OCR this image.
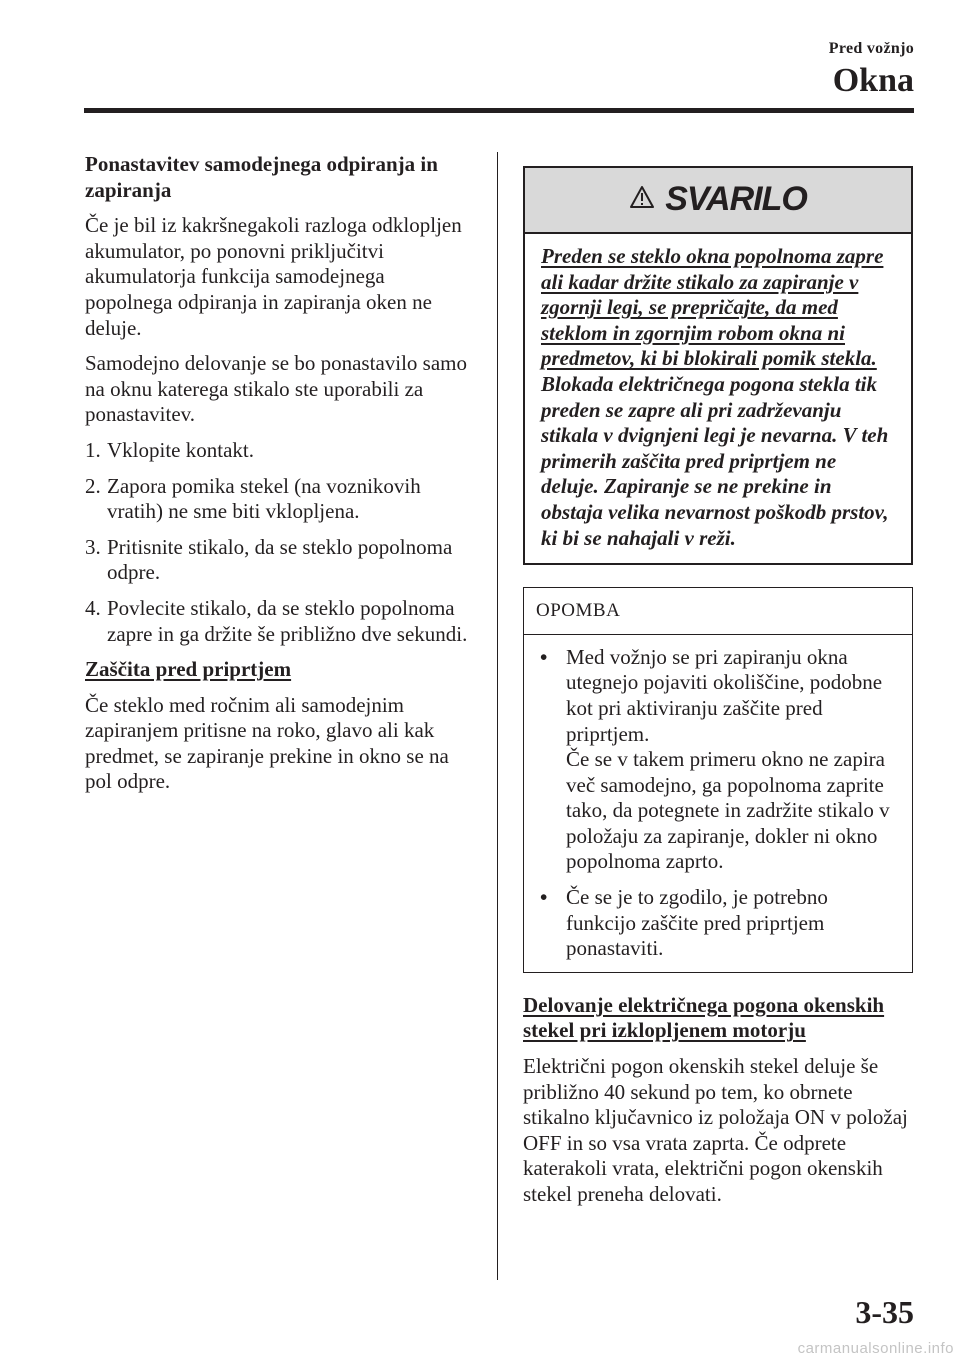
Pred vožnjo
Okna
Ponastavitev samodejnega odpiranja in zapiranja

Če je bil iz kakršnegakoli razloga odklopljen akumulator, po ponovni priključitvi akumulatorja funkcija samodejnega popolnega odpiranja in zapiranja oken ne deluje.

Samodejno delovanje se bo ponastavilo samo na oknu katerega stikalo ste uporabili za ponastavitev.

1. Vklopite kontakt.
2. Zapora pomika stekel (na voznikovih vratih) ne sme biti vklopljena.
3. Pritisnite stikalo, da se steklo popolnoma odpre.
4. Povlecite stikalo, da se steklo popolnoma zapre in ga držite še približno dve sekundi.
Zaščita pred priprtjem

Če steklo med ročnim ali samodejnim zapiranjem pritisne na roko, glavo ali kak predmet, se zapiranje prekine in okno se na pol odpre.

SVARILO
Preden se steklo okna popolnoma zapre ali kadar držite stikalo za zapiranje v zgornji legi, se prepričajte, da med steklom in zgornjim robom okna ni predmetov, ki bi blokirali pomik stekla.
Blokada električnega pogona stekla tik preden se zapre ali pri zadrževanju stikala v dvignjeni legi je nevarna. V teh primerih zaščita pred priprtjem ne deluje. Zapiranje se ne prekine in obstaja velika nevarnost poškodb prstov, ki bi se nahajali v reži.
OPOMBA
• Med vožnjo se pri zapiranju okna utegnejo pojaviti okoliščine, podobne kot pri aktiviranju zaščite pred priprtjem.
Če se v takem primeru okno ne zapira več samodejno, ga popolnoma zaprite tako, da potegnete in zadržite stikalo v položaju za zapiranje, dokler ni okno popolnoma zaprto.
• Če se je to zgodilo, je potrebno funkcijo zaščite pred priprtjem ponastaviti.
Delovanje električnega pogona okenskih stekel pri izklopljenem motorju

Električni pogon okenskih stekel deluje še približno 40 sekund po tem, ko obrnete stikalno ključavnico iz položaja ON v položaj OFF in so vsa vrata zaprta. Če odprete katerakoli vrata, električni pogon okenskih stekel preneha delovati.

3-35
carmanualsonline.info
